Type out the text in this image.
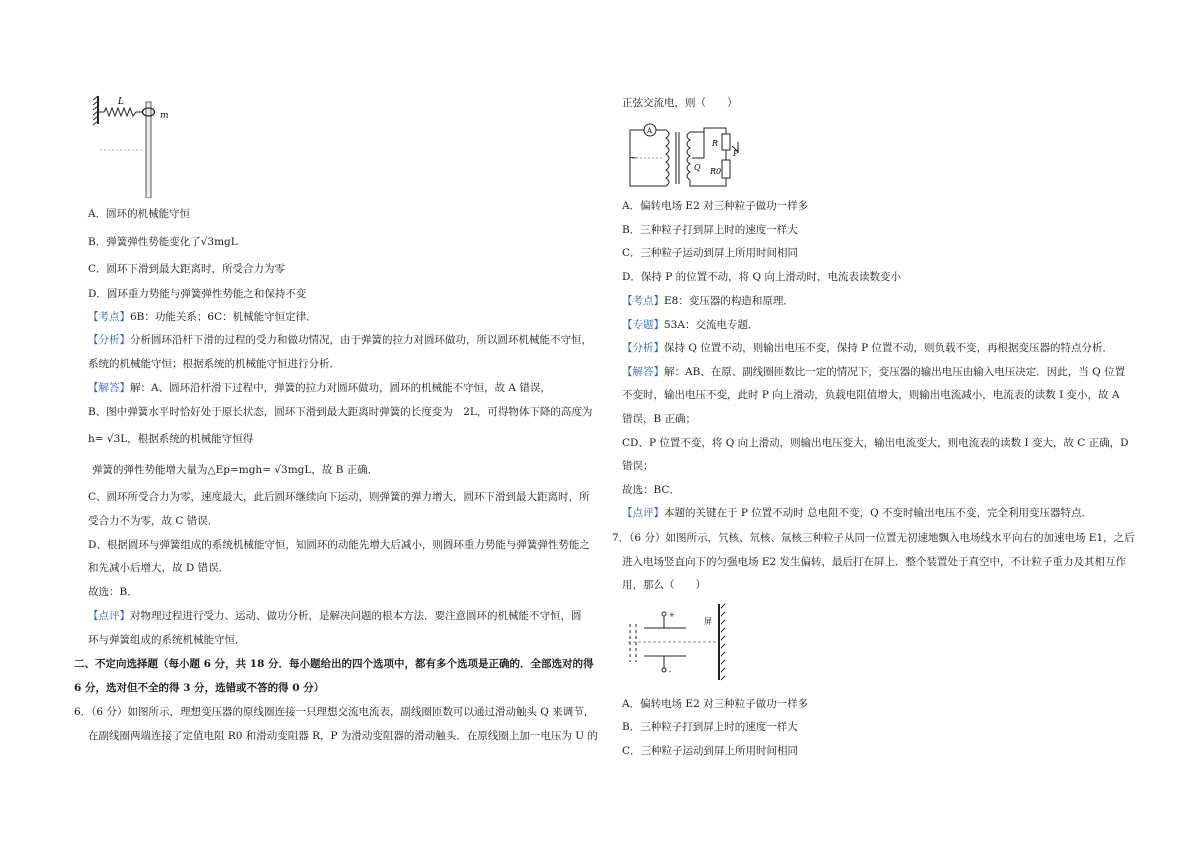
L
m
A．圆环的机械能守恒
B．弹簧弹性势能变化了√3mgL
C．圆环下滑到最大距离时，所受合力为零
D．圆环重力势能与弹簧弹性势能之和保持不变
【考点】6B：功能关系；6C：机械能守恒定律．
【分析】分析圆环沿杆下滑的过程的受力和做功情况，由于弹簧的拉力对圆环做功，所以圆环机械能不守恒，
系统的机械能守恒；根据系统的机械能守恒进行分析．
【解答】解：A、圆环沿杆滑下过程中，弹簧的拉力对圆环做功，圆环的机械能不守恒，故 A 错误，
B、图中弹簧水平时恰好处于原长状态，圆环下滑到最大距离时弹簧的长度变为　2L，可得物体下降的高度为
h= √3L，根据系统的机械能守恒得
弹簧的弹性势能增大量为△Ep=mgh= √3mgL，故 B 正确．
C、圆环所受合力为零，速度最大，此后圆环继续向下运动，则弹簧的弹力增大，圆环下滑到最大距离时，所
受合力不为零，故 C 错误．
D、根据圆环与弹簧组成的系统机械能守恒，知圆环的动能先增大后减小，则圆环重力势能与弹簧弹性势能之
和先减小后增大，故 D 错误．
故选：B．
【点评】对物理过程进行受力、运动、做功分析，是解决问题的根本方法．要注意圆环的机械能不守恒，圆
环与弹簧组成的系统机械能守恒．
二、不定向选择题（每小题 6 分，共 18 分．每小题给出的四个选项中，都有多个选项是正确的．全部选对的得
6 分，选对但不全的得 3 分，选错或不答的得 0 分）
6．（6 分）如图所示，理想变压器的原线圈连接一只理想交流电流表，副线圈匝数可以通过滑动触头 Q 来调节，
在副线圈两端连接了定值电阻 R0 和滑动变阻器 R，P 为滑动变阻器的滑动触头．在原线圈上加一电压为 U 的
正弦交流电，则（　　）
A
~
R
P
Q R0
A．偏转电场 E2 对三种粒子做功一样多
B．三种粒子打到屏上时的速度一样大
C．三种粒子运动到屏上所用时间相同
D．保持 P 的位置不动，将 Q 向上滑动时，电流表读数变小
【考点】E8：变压器的构造和原理．
【专题】53A：交流电专题．
【分析】保持 Q 位置不动，则输出电压不变，保持 P 位置不动，则负载不变，再根据变压器的特点分析．
【解答】解：AB、在原、副线圈匝数比一定的情况下，变压器的输出电压由输入电压决定．因此，当 Q 位置
不变时，输出电压不变，此时 P 向上滑动，负载电阻值增大，则输出电流减小，电流表的读数 I 变小，故 A
错误，B 正确；
CD、P 位置不变，将 Q 向上滑动，则输出电压变大，输出电流变大，则电流表的读数 I 变大，故 C 正确，D
错误；
故选：BC．
【点评】本题的关键在于 P 位置不动时 总电阻不变，Q 不变时输出电压不变，完全利用变压器特点．
7．（6 分）如图所示，氕核、氘核、氚核三种粒子从同一位置无初速地飘入电场线水平向右的加速电场 E1，之后
进入电场竖直向下的匀强电场 E2 发生偏转，最后打在屏上．整个装置处于真空中，不计粒子重力及其相互作
用，那么（　　）
+
-
屏
A．偏转电场 E2 对三种粒子做功一样多
B．三种粒子打到屏上时的速度一样大
C．三种粒子运动到屏上所用时间相同
